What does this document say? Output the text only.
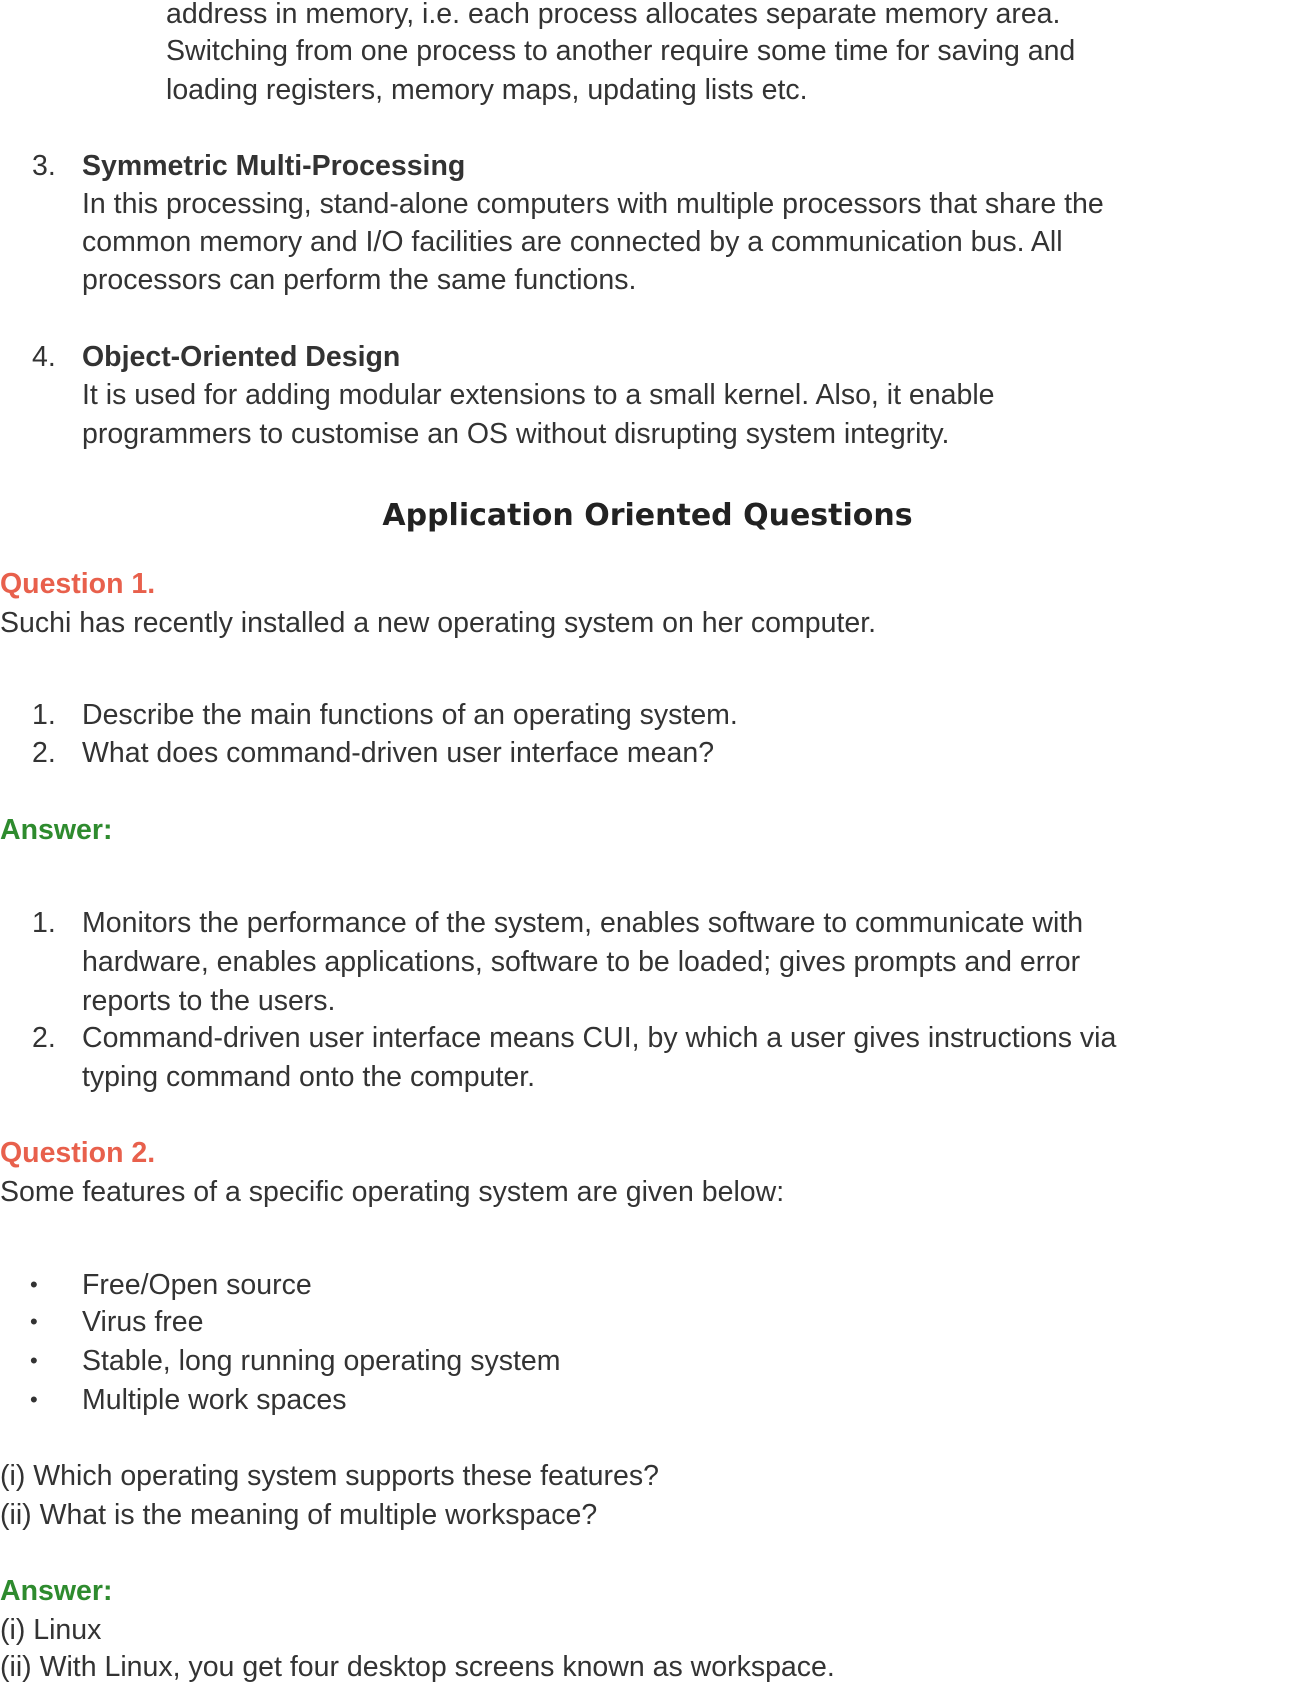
address in memory, i.e. each process allocates separate memory area.
Switching from one process to another require some time for saving and
loading registers, memory maps, updating lists etc.
3. Symmetric Multi-Processing
In this processing, stand-alone computers with multiple processors that share the
common memory and I/O facilities are connected by a communication bus. All
processors can perform the same functions.
4. Object-Oriented Design
It is used for adding modular extensions to a small kernel. Also, it enable
programmers to customise an OS without disrupting system integrity.
Application Oriented Questions
Question 1.
Suchi has recently installed a new operating system on her computer.
1. Describe the main functions of an operating system.
2. What does command-driven user interface mean?
Answer:
1. Monitors the performance of the system, enables software to communicate with
hardware, enables applications, software to be loaded; gives prompts and error
reports to the users.
2. Command-driven user interface means CUI, by which a user gives instructions via
typing command onto the computer.
Question 2.
Some features of a specific operating system are given below:
• Free/Open source
• Virus free
• Stable, long running operating system
• Multiple work spaces
(i) Which operating system supports these features?
(ii) What is the meaning of multiple workspace?
Answer:
(i) Linux
(ii) With Linux, you get four desktop screens known as workspace.
